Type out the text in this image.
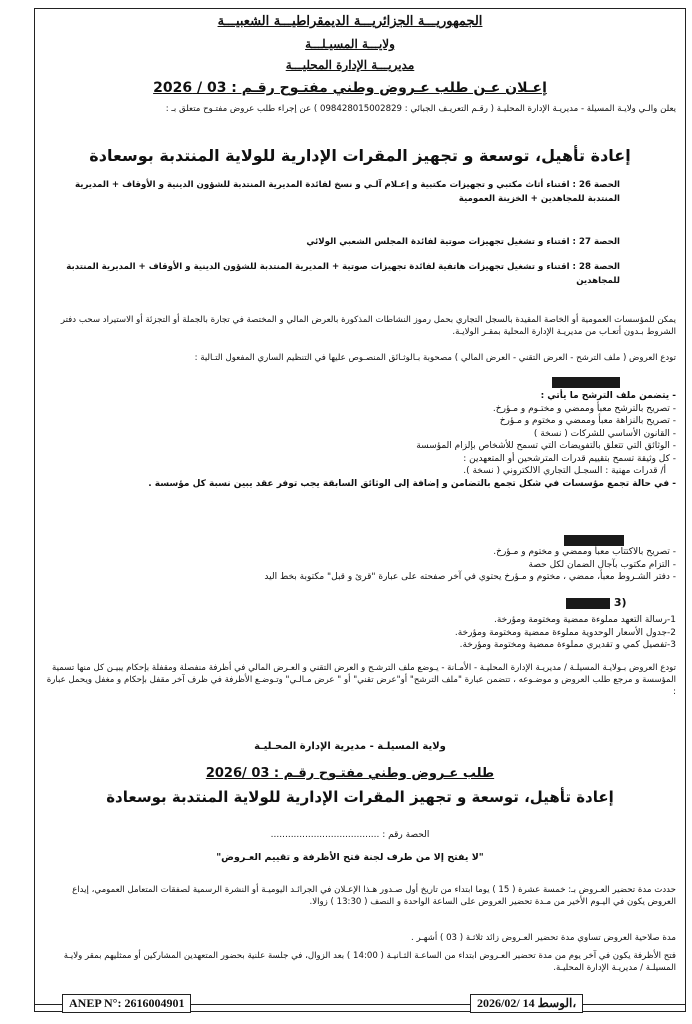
الجمهوريـــة الجزائريـــة الديمقراطيـــة الشعبيـــة
ولايـــة المسيـلـــة
مديريـــة الإدارة المحليـــة
إعـلان عـن طلب عـروض وطني مفتـوح رقـم : 03 / 2026
يعلن والـي ولايـة المسيلة - مديريـة الإدارة المحليـة ( رقـم التعريـف الجبائي : 098428015002829 ) عن إجراء طلب عروض مفتـوح متعلق بـ :
إعادة تأهيل، توسعة و تجهيز المقرات الإدارية للولاية المنتدبة بوسعادة
الحصة 26 : اقتناء أثاث مكتبي و تجهيزات مكتبية و إعـلام آلـي و نسخ لفائدة المديرية المنتدبة للشؤون الدينية و الأوقاف + المديرية المنتدبة للمجاهدين + الخزينة العمومية
الحصة 27 : اقتناء و تشغيل تجهيزات صوتية لفائدة المجلس الشعبي الولائي
الحصة 28 : اقتناء و تشغيل تجهيزات هاتفية لفائدة تجهيزات صوتية + المديرية المنتدبة للشؤون الدينية و الأوقاف + المديرية المنتدبة للمجاهدين
يمكن للمؤسسات العمومية أو الخاصة المقيدة بالسجل التجاري بحمل رموز النشاطات المذكورة بالعرض المالي و المختصة في تجارة بالجملة أو التجزئة أو الاستيراد سحب دفتر الشروط بـدون أتعـاب من مديريـة الإدارة المحلية بمقـر الولايـة.
تودع العروض ( ملف الترشح - العرض التقني - العرض المالي ) مصحوبة بـالوثـائق المنصـوص عليها في التنظيم الساري المفعول التـالية :
- يتضمن ملف الترشح ما يأتي :
- تصريح بالترشح معبأ وممضي و مختـوم و مـؤرخ.
- تصريح بالنزاهة معبأ وممضي و مختوم و مـؤرخ
- القانون الأساسي للشركات ( نسخة )
- الوثائق التي تتعلق بالتفويضات التي تسمح للأشخاص بإلزام المؤسسة
- كل وثيقة تسمح بتقييم قدرات المترشحين أو المتعهدين :
أ/ قدرات مهنية : السجـل التجاري الالكتروني ( نسخة ).
- في حالة تجمع مؤسسات في شكل تجمع بالتضامن و إضافة إلى الوثائق السابقة يجب توفر عقد يبين نسبة كل مؤسسة .
- تصريح بالاكتتاب معبأ وممضي و مختوم و مـؤرخ.
- التزام مكتوب بآجال الضمان لكل حصة
- دفتر الشـروط معبأ، ممضي ، مختوم و مـؤرخ يحتوي في آخر صفحته على عبارة "قرئ و قبل" مكتوبة بخط اليد
3)
1-رسالة التعهد مملوءة ممضية ومختومة ومؤرخة.
2-جدول الأسعار الوحدوية مملوءة ممضية ومختومة ومؤرخة.
3-تفصيل كمي و تقديري مملوءة ممضية ومختومة ومؤرخة.
تودع العروض بـولايـة المسيلـة / مديريـة الإدارة المحليـة - الأمـانة - يـوضع ملف الترشـح و العرض التقني و العـرض المالي في أظرفة منفصلة ومقفلة بإحكام يبيـن كل منها تسمية المؤسسة و مرجع طلب العروض و موضـوعه ، تتضمن عبارة "ملف الترشح" أو"عرض تقني" أو " عرض مـالـي" وتـوضـع الأظرفة في ظرف آخر مقفل بإحكام و مغفل ويحمل عبارة :
ولاية المسيلـة - مديرية الإدارة المحـليـة
طلب عـروض وطني مفتـوح رقـم : 03 /2026
إعادة تأهيل، توسعة و تجهيز المقرات الإدارية للولاية المنتدبة بوسعادة
الحصة رقم : ......................................
"لا يفتح إلا من طرف لجنة فتح الأظرفة و تقييم العـروض"
حددت مدة تحضير العـروض بـ: خمسة عشرة ( 15 ) يوما ابتداء من تاريخ أول صـدور هـذا الإعـلان في الجرائـد اليوميـة أو النشرة الرسمية لصفقات المتعامل العمومي، إيداع العروض يكون في اليـوم الأخير من مـدة تحضير العروض على الساعة الواحدة و النصف ( 13:30 ) زوالا.
مدة صلاحية العروض تساوي مدة تحضير العـروض زائد ثلاثـة ( 03 ) أشهـر .
فتح الأظرفة يكون في آخر يوم من مدة تحضير العـروض ابتداء من الساعـة الثـانيـة ( 14:00 ) بعد الزوال، في جلسة علنية بحضور المتعهدين المشاركين أو ممثليهم بمقر ولايـة المسيلـة / مديريـة الإدارة المحليـة.
ANEP N°: 2616004901	2026/02/ 14 الوسط،
